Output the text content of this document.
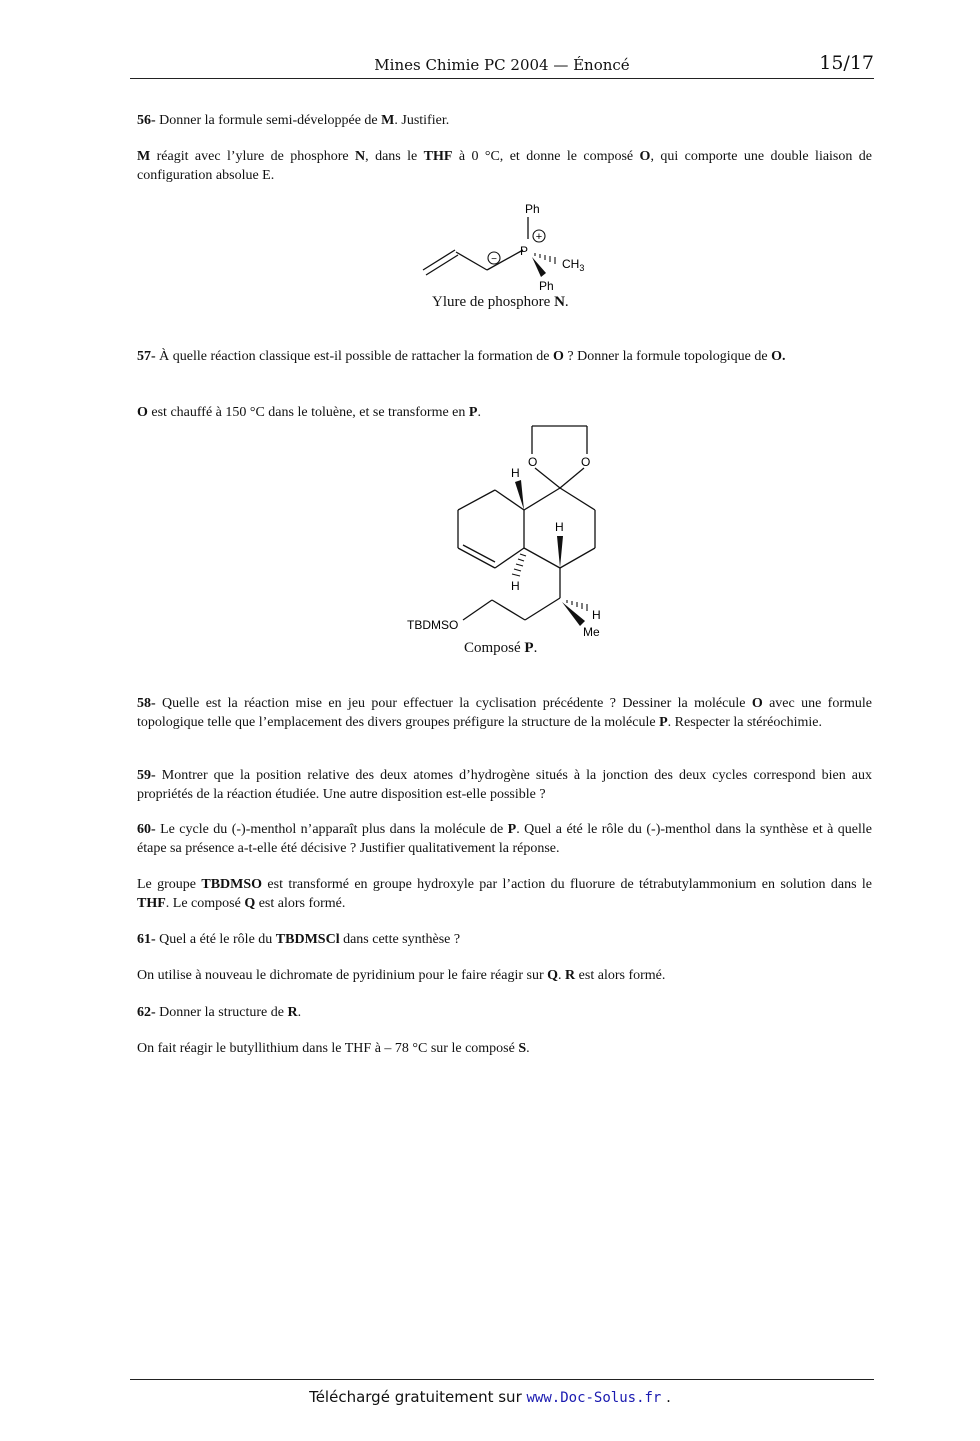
Mines Chimie PC 2004 — Énoncé	15/17
56- Donner la formule semi-développée de M. Justifier.
M réagit avec l’ylure de phosphore N, dans le THF à 0 °C, et donne le composé O, qui comporte une double liaison de configuration absolue E.
−
P
+
Ph
$CH_3$
Ph
Ylure de phosphore N.
57- À quelle réaction classique est-il possible de rattacher la formation de O ? Donner la formule topologique de O.
O est chauffé à 150 °C dans le toluène, et se transforme en P.
O	O
H
H
H
H
Me
TBDMSO
Composé P.
58- Quelle est la réaction mise en jeu pour effectuer la cyclisation précédente ? Dessiner la molécule O avec une formule topologique telle que l’emplacement des divers groupes préfigure la structure de la molécule P. Respecter la stéréochimie.
59- Montrer que la position relative des deux atomes d’hydrogène situés à la jonction des deux cycles correspond bien aux propriétés de la réaction étudiée. Une autre disposition est-elle possible ?
60- Le cycle du (-)-menthol n’apparaît plus dans la molécule de P. Quel a été le rôle du (-)-menthol dans la synthèse et à quelle étape sa présence a-t-elle été décisive ? Justifier qualitativement la réponse.
Le groupe TBDMSO est transformé en groupe hydroxyle par l’action du fluorure de tétrabutylammonium en solution dans le THF. Le composé Q est alors formé.
61- Quel a été le rôle du TBDMSCl dans cette synthèse ?
On utilise à nouveau le dichromate de pyridinium pour le faire réagir sur Q. R est alors formé.
62- Donner la structure de R.
On fait réagir le butyllithium dans le THF à – 78 °C sur le composé S.
Téléchargé gratuitement sur www.Doc-Solus.fr .
